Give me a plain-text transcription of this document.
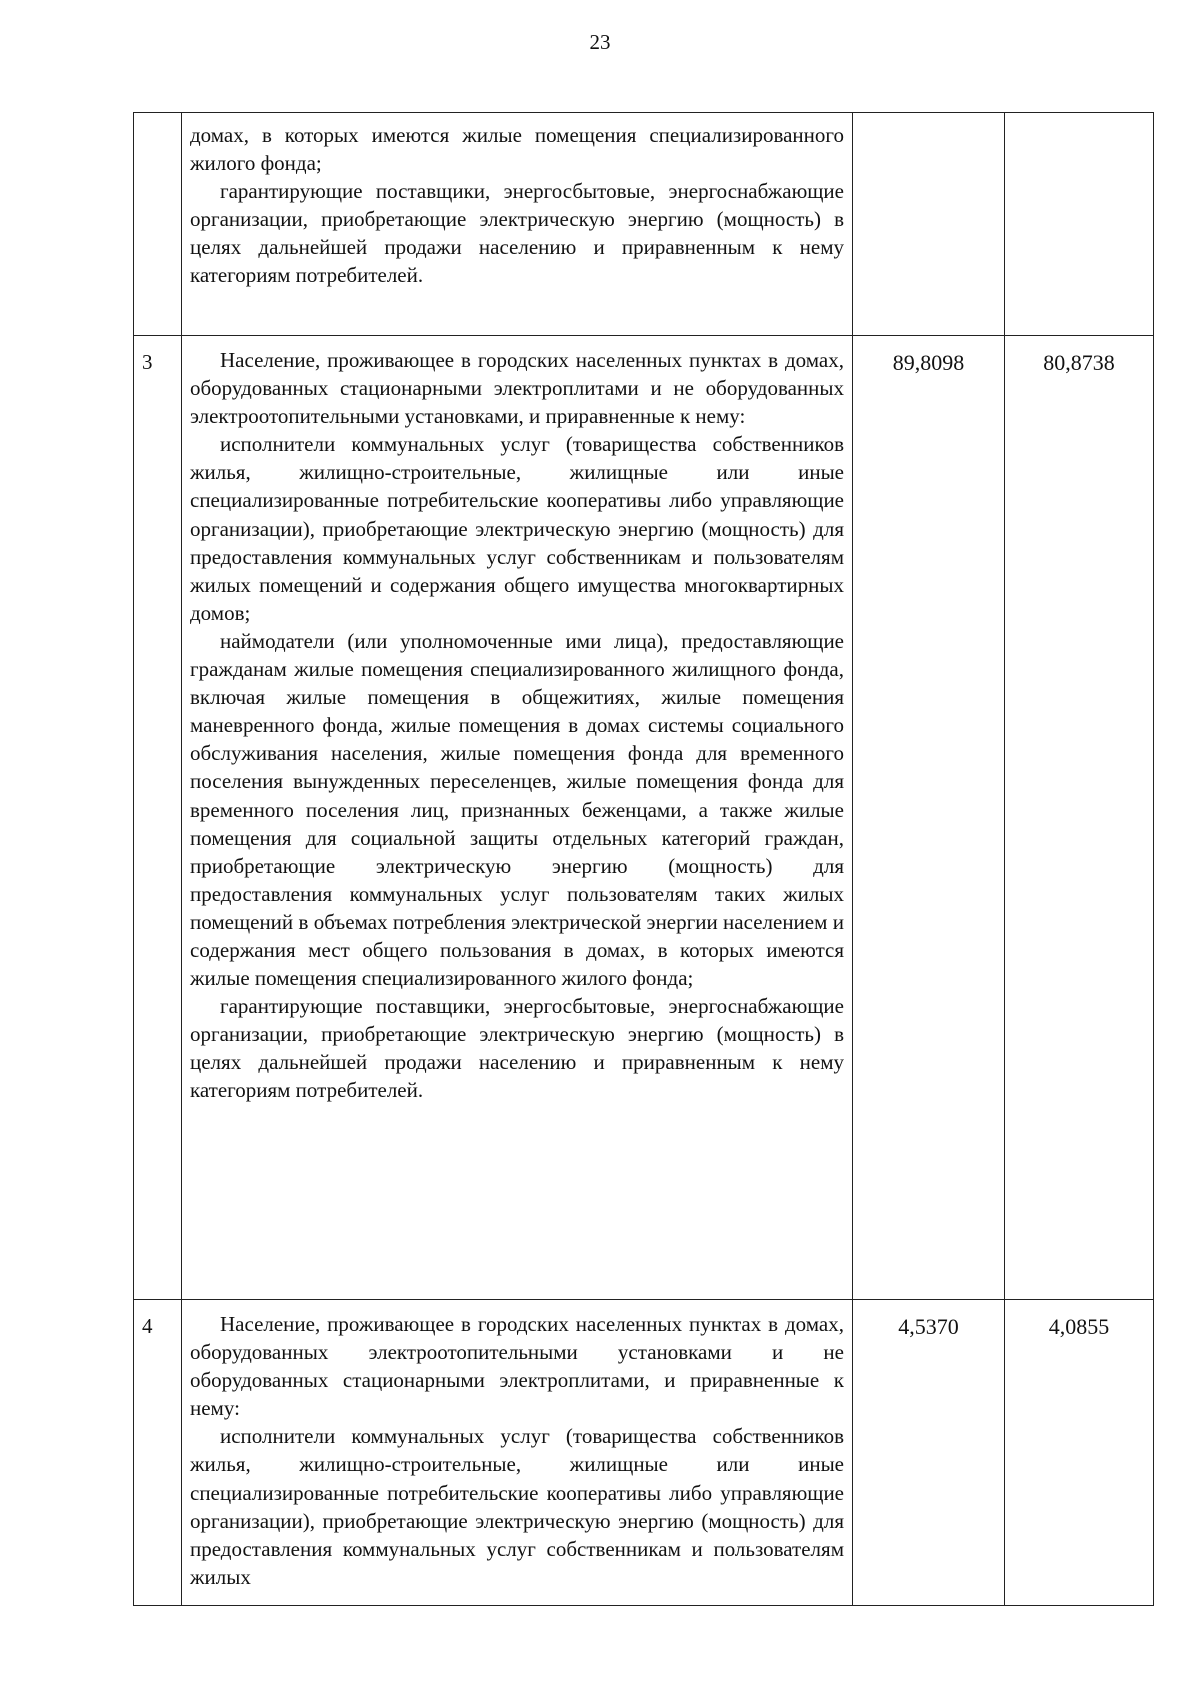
23

	домах, в которых имеются жилые помещения специализированного жилого фонда;

гарантирующие поставщики, энергосбытовые, энергоснабжающие организации, приобретающие электрическую энергию (мощность) в целях дальнейшей продажи населению и приравненным к нему категориям потребителей.		

3	Население, проживающее в городских населенных пунктах в домах, оборудованных стационарными электроплитами и не оборудованных электроотопительными установками, и приравненные к нему:

исполнители коммунальных услуг (товарищества собственников жилья, жилищно-строительные, жилищные или иные специализированные потребительские кооперативы либо управляющие организации), приобретающие электрическую энергию (мощность) для предоставления коммунальных услуг собственникам и пользователям жилых помещений и содержания общего имущества многоквартирных домов;

наймодатели (или уполномоченные ими лица), предоставляющие гражданам жилые помещения специализированного жилищного фонда, включая жилые помещения в общежитиях, жилые помещения маневренного фонда, жилые помещения в домах системы социального обслуживания населения, жилые помещения фонда для временного поселения вынужденных переселенцев, жилые помещения фонда для временного поселения лиц, признанных беженцами, а также жилые помещения для социальной защиты отдельных категорий граждан, приобретающие электрическую энергию (мощность) для предоставления коммунальных услуг пользователям таких жилых помещений в объемах потребления электрической энергии населением и содержания мест общего пользования в домах, в которых имеются жилые помещения специализированного жилого фонда;

гарантирующие поставщики, энергосбытовые, энергоснабжающие организации, приобретающие электрическую энергию (мощность) в целях дальнейшей продажи населению и приравненным к нему категориям потребителей.	89,8098	80,8738
4	Население, проживающее в городских населенных пунктах в домах, оборудованных электроотопительными установками и не оборудованных стационарными электроплитами, и приравненные к нему:

исполнители коммунальных услуг (товарищества собственников жилья, жилищно-строительные, жилищные или иные специализированные потребительские кооперативы либо управляющие организации), приобретающие электрическую энергию (мощность) для предоставления коммунальных услуг собственникам и пользователям жилых	4,5370	4,0855
